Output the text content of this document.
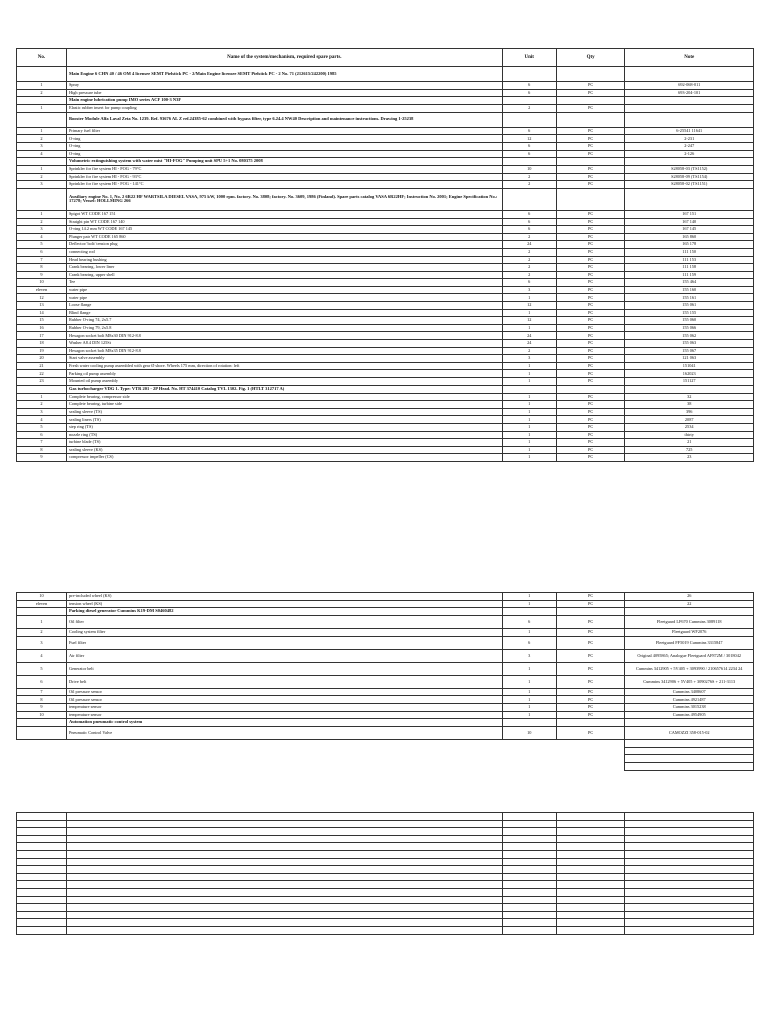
No.	Name of the system/mechanism, required spare parts.	Unit	Qty	Note
	Main Engine 6 CHN 40 / 46 OM 4 licensee SEMT Pielstick PC - 2/Main Engine licensee SEMT Pielstick PC - 2 No. 71 (212615/242200) 1985			
1	Spray	6	PC	692-068-011
2	High pressure tube	6	PC	693-204-101
	Main engine lubrication pump IMO series ACF 100-3 N3F			
1	Elastic rubber insert for pump coupling	2	PC	
	Booster Module Alfa Laval Zeta No. 1239. Ref. 93676 AL Z ref.24385-62 combined with bypass filter, type 6.24.4 NW40 Description and maintenance instructions. Drawing 1-25238			
1	Primary fuel filter	6	PC	6-25541 11641
2	O-ring	12	PC	2-231
3	O-ring	6	PC	2-247
4	O-ring	6	PC	2-126
	Volumetric extinguishing system with water mist "HI-FOG" Pumping unit SPU 5+1 No. 080375 2008			
1	Sprinkler for fire system HI - FOG - 79°C	10	PC	S28058-03 (TS1152)
2	Sprinkler for fire system HI - FOG - 93°C	2	PC	S28058-09 (TS1154)
3	Sprinkler for fire system HI - FOG - 141°C	2	PC	S28058-02 (TS1151)
	Auxiliary engine No. 1, No. 2 6R22 HF WARTSILA DIESEL VASA, 975 kW, 1000 rpm. factory. No. 3808; factory. No. 3609, 1986 (Finland). Spare parts catalog VASA 6R22HF; Instruction No. 2001; Engine Specification No.: 17278; Vessel: HOLLMING 266			
1	Spigot WT CODE 167 151	6	PC	167 151
2	Straight pin WT CODE 167 140	6	PC	167 140
3	O-ring 14.2 mm WT CODE 167 145	6	PC	167 145
4	Plunger pair WT CODE 165 860	2	PC	165 860
5	Deflector/ bolt/ tension plug	24	PC	165 178
6	connecting rod	2	PC	111 150
7	Head bearing bushing	2	PC	111 153
8	Crank bearing, lower liner	2	PC	111 158
9	Crank bearing, upper shell	2	PC	111 159
10	Tee	6	PC	155 464
eleven	water pipe	3	PC	155 160
12	water pipe	1	PC	155 161
13	Loose flange	12	PC	155 061
14	Blind flange	1	PC	155 155
15	Rubber O-ring 74, 2x5.7	12	PC	155 060
16	Rubber O-ring 79, 2x5.8	1	PC	155 066
17	Hexagon socket bolt M8x30 DIN 912-8.8	24	PC	155 062
18	Washer A8.4 DIN 125St	24	PC	155 063
19	Hexagon socket bolt M8x35 DIN 912-8.8	2	PC	155 067
20	Start valve assembly	3	PC	121 063
21	Fresh water cooling pump assembled with gear Ø shore. Wheels 175 mm, direction of rotation: left	1	PC	151041
22	Parking oil pump assembly	1	PC	162023
23	Mounted oil pump assembly	1	PC	151127
	Gas turbocharger VDG 1. Type: VTR 201 - 2P Head. No. HT 374410 Catalog TVL 1302. Fig. 1 (HTLT 312717 A)			
1	Complete bearing, compressor side	1	PC	32
2	Complete bearing, turbine side	1	PC	38
3	sealing sleeve (TS)	1	PC	396
4	sealing liners (TS)	1	PC	2087
5	step ring (TS)	1	PC	2534
6	nozzle ring (TS)	1	PC	thirty
7	turbine blade (TS)	1	PC	21
8	sealing sleeve (KS)	1	PC	725
9	compressor impeller (CS)	1	PC	23
10	pre-included wheel (KS)	1	PC	26
eleven	tension wheel (KS)	1	PC	22
	Parking diesel generator Cummins K19-DM S0460482			
1	Oil filter	6	PC	Fleetguard LF670 Cummins 3089118
2	Cooling system filter	1	PC	Fleetguard WF2076
3	Fuel filter	6	PC	Fleetguard FF5019 Cummins 3315847
4	Air filter	3	PC	Original 4095865; Analogue Fleetguard AF872M / 3018042
5	Generator belt	1	PC	Cummins 3412905 + 5V405 + 3093990 / 210657614 2234 24
6	Drive belt	1	PC	Cummins 3412906 + 5V405 + 3090276S + 211-3113
7	Oil pressure sensor	1	PC	Cummins 3408607
8	Oil pressure sensor	1	PC	Cummins 4921487
9	temperature sensor	1	PC	Cummins 3015238
10	temperature sensor	1	PC	Cummins 4954905
	Automation pneumatic control system			
	Pneumatic Control Valve	10	PC	CAMOZZI 358-015-02
